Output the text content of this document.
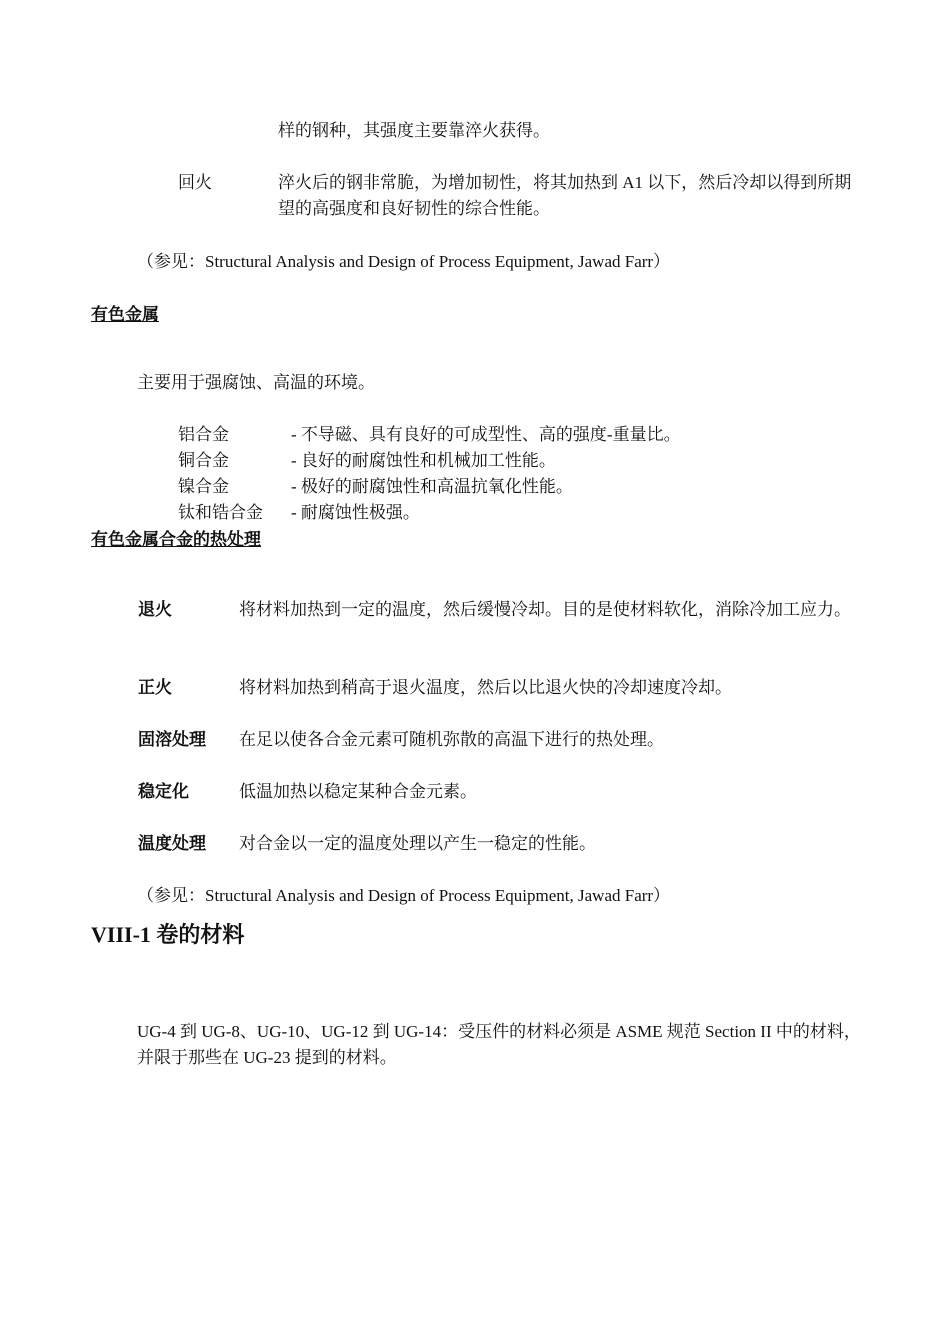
样的钢种，其强度主要靠淬火获得。
回火	淬火后的钢非常脆，为增加韧性，将其加热到 A1 以下，然后冷却以得到所期望的高强度和良好韧性的综合性能。
（参见：Structural Analysis and Design of Process Equipment, Jawad Farr）
有色金属
主要用于强腐蚀、高温的环境。
铝合金	- 不导磁、具有良好的可成型性、高的强度-重量比。
铜合金	- 良好的耐腐蚀性和机械加工性能。
镍合金	- 极好的耐腐蚀性和高温抗氧化性能。
钛和锆合金 - 耐腐蚀性极强。
有色金属合金的热处理
退火	将材料加热到一定的温度，然后缓慢冷却。目的是使材料软化，消除冷加工应力。
正火	将材料加热到稍高于退火温度，然后以比退火快的冷却速度冷却。
固溶处理 在足以使各合金元素可随机弥散的高温下进行的热处理。
稳定化	低温加热以稳定某种合金元素。
温度处理 对合金以一定的温度处理以产生一稳定的性能。
（参见：Structural Analysis and Design of Process Equipment, Jawad Farr）
VIII-1 卷的材料
UG-4 到 UG-8、UG-10、UG-12 到 UG-14：受压件的材料必须是 ASME 规范 Section II 中的材料，并限于那些在 UG-23 提到的材料。
